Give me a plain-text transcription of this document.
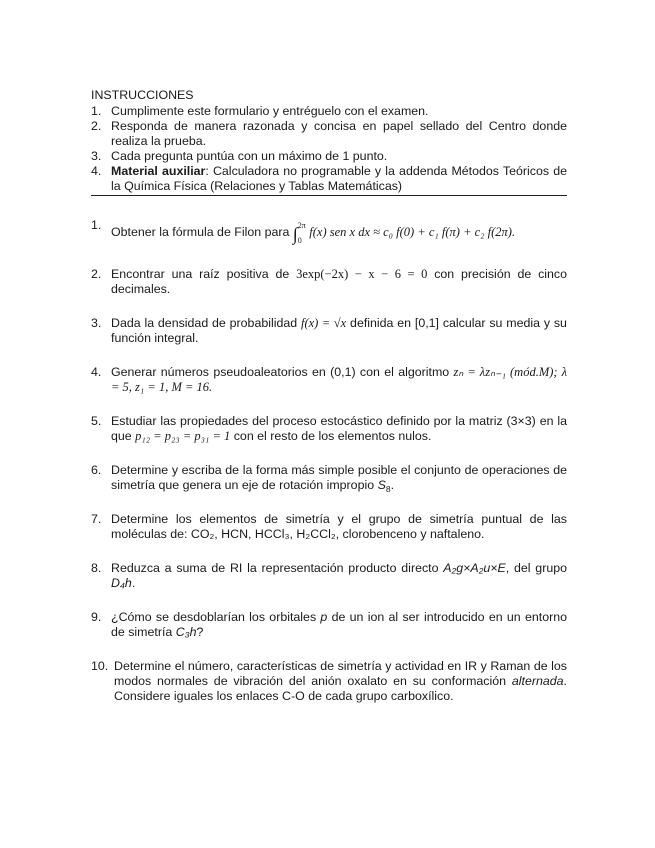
INSTRUCCIONES
1. Cumplimente este formulario y entréguelo con el examen.
2. Responda de manera razonada y concisa en papel sellado del Centro donde realiza la prueba.
3. Cada pregunta puntúa con un máximo de 1 punto.
4. Material auxiliar: Calculadora no programable y la addenda Métodos Teóricos de la Química Física (Relaciones y Tablas Matemáticas)
1. Obtener la fórmula de Filon para $\int_0^{2\pi}$ f(x) sen x dx ≈ c₀ f(0) + c₁ f(π) + c₂ f(2π).
2. Encontrar una raíz positiva de 3exp(−2x) − x − 6 = 0 con precisión de cinco decimales.
3. Dada la densidad de probabilidad f(x) = √x definida en [0,1] calcular su media y su función integral.
4. Generar números pseudoaleatorios en (0,1) con el algoritmo zₙ = λzₙ₋₁ (mód.M); λ = 5, z₁ = 1, M = 16.
5. Estudiar las propiedades del proceso estocástico definido por la matriz (3×3) en la que p₁₂ = p₂₃ = p₃₁ = 1 con el resto de los elementos nulos.
6. Determine y escriba de la forma más simple posible el conjunto de operaciones de simetría que genera un eje de rotación impropio $S_8$.
7. Determine los elementos de simetría y el grupo de simetría puntual de las moléculas de: CO₂, HCN, HCCl₃, H₂CCl₂, clorobenceno y naftaleno.
8. Reduzca a suma de RI la representación producto directo A₂g×A₂u×E, del grupo D₄h.
9. ¿Cómo se desdoblarían los orbitales p de un ion al ser introducido en un entorno de simetría C₃h?
10. Determine el número, características de simetría y actividad en IR y Raman de los modos normales de vibración del anión oxalato en su conformación alternada. Considere iguales los enlaces C-O de cada grupo carboxílico.
